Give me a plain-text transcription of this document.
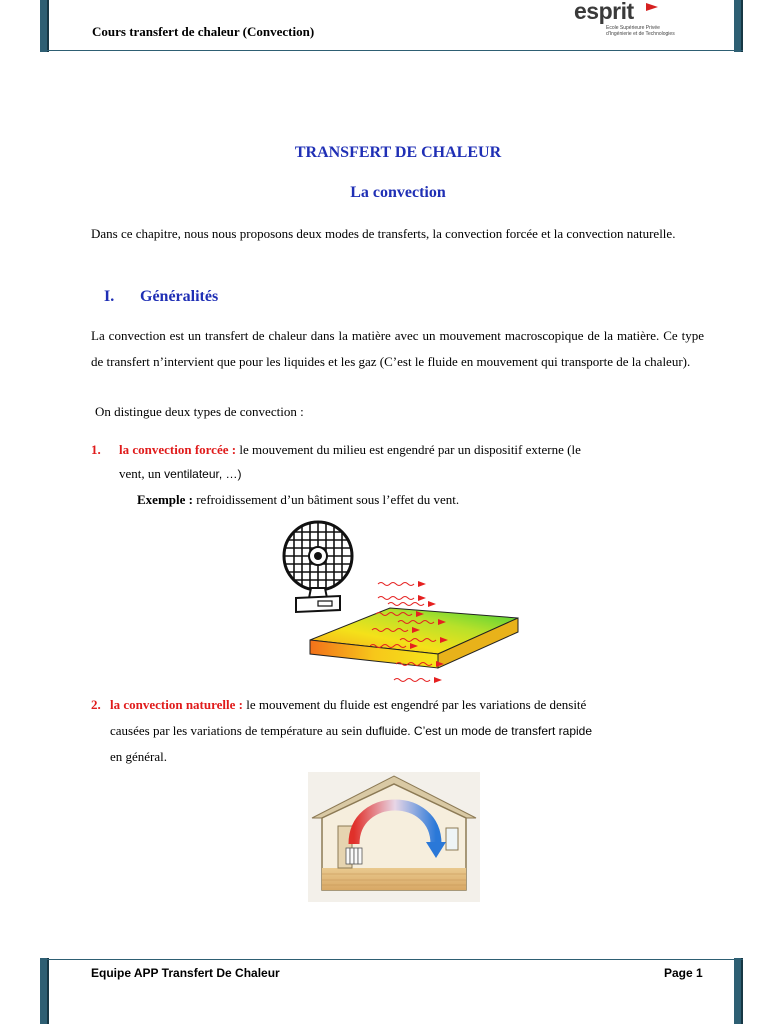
Cours transfert de chaleur (Convection)
esprit
Ecole Supérieure Privée
d'Ingénierie et de Technologies
TRANSFERT DE CHALEUR
La convection
Dans ce chapitre, nous nous proposons deux modes de transferts, la convection forcée et la convection naturelle.
I. Généralités
La convection est un transfert de chaleur dans la matière avec un mouvement macroscopique de la matière. Ce type de transfert n’intervient que pour les liquides et les gaz (C’est le fluide en mouvement qui transporte de la chaleur).
On distingue deux types de convection :
1. la convection forcée : le mouvement du milieu est engendré par un dispositif externe (le
vent, un ventilateur, …)
Exemple : refroidissement d’un bâtiment sous l’effet du vent.
2. la convection naturelle : le mouvement du fluide est engendré par les variations de densité
causées par les variations de température au sein dufluide. C’est un mode de transfert rapide
en général.
Equipe APP Transfert De Chaleur	Page 1
